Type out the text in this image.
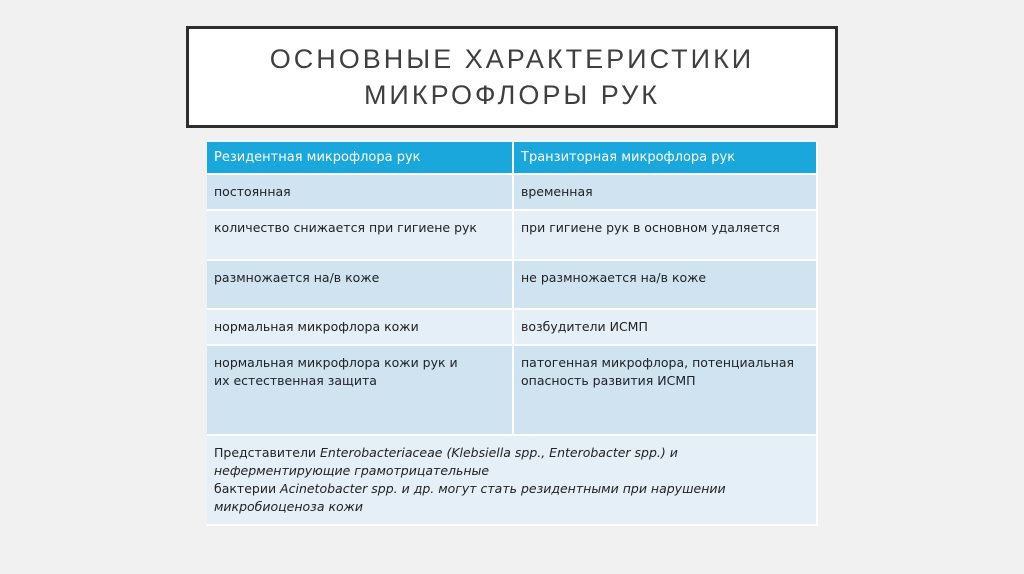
ОСНОВНЫЕ ХАРАКТЕРИСТИКИ
МИКРОФЛОРЫ РУК
Резидентная микрофлора рук	Транзиторная микрофлора рук
постоянная	временная
количество снижается при гигиене рук	при гигиене рук в основном удаляется
размножается на/в коже	не размножается на/в коже
нормальная микрофлора кожи	возбудители ИСМП
нормальная микрофлора кожи рук и их естественная защита	патогенная микрофлора, потенциальная опасность развития ИСМП
Представители Enterobacteriaceae (Klebsiella spp., Enterobacter spp.) и неферментирующие грамотрицательные
бактерии Acinetobacter spp. и др. могут стать резидентными при нарушении микробиоценоза кожи	
